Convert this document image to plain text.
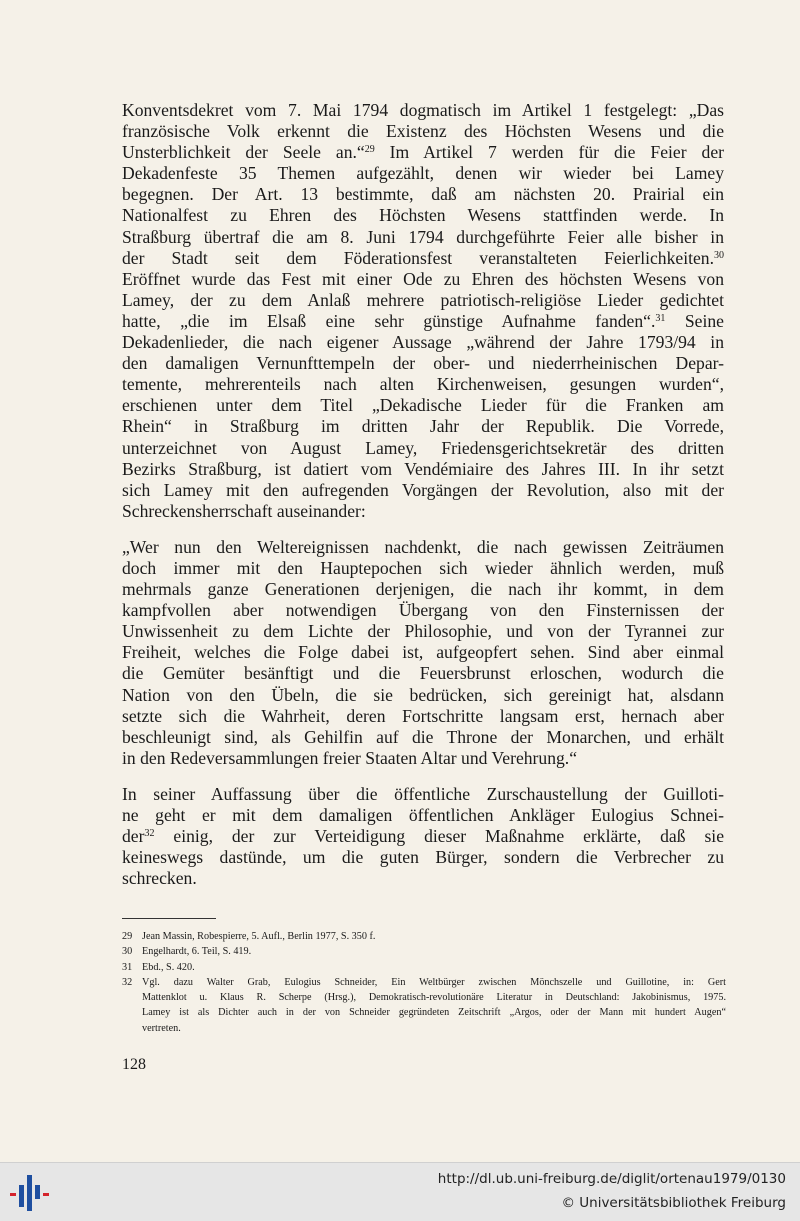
Konventsdekret vom 7. Mai 1794 dogmatisch im Artikel 1 festgelegt: „Das
französische Volk erkennt die Existenz des Höchsten Wesens und die
Unsterblichkeit der Seele an.“$^{29}$ Im Artikel 7 werden für die Feier der
Dekadenfeste 35 Themen aufgezählt, denen wir wieder bei Lamey
begegnen. Der Art. 13 bestimmte, daß am nächsten 20. Prairial ein
Nationalfest zu Ehren des Höchsten Wesens stattfinden werde. In
Straßburg übertraf die am 8. Juni 1794 durchgeführte Feier alle bisher in
der Stadt seit dem Föderationsfest veranstalteten Feierlichkeiten.$^{30}$
Eröffnet wurde das Fest mit einer Ode zu Ehren des höchsten Wesens von
Lamey, der zu dem Anlaß mehrere patriotisch-religiöse Lieder gedichtet
hatte, „die im Elsaß eine sehr günstige Aufnahme fanden“.$^{31}$ Seine
Dekadenlieder, die nach eigener Aussage „während der Jahre 1793/94 in
den damaligen Vernunfttempeln der ober- und niederrheinischen Depar-
temente, mehrerenteils nach alten Kirchenweisen, gesungen wurden“,
erschienen unter dem Titel „Dekadische Lieder für die Franken am
Rhein“ in Straßburg im dritten Jahr der Republik. Die Vorrede,
unterzeichnet von August Lamey, Friedensgerichtsekretär des dritten
Bezirks Straßburg, ist datiert vom Vendémiaire des Jahres III. In ihr setzt
sich Lamey mit den aufregenden Vorgängen der Revolution, also mit der
Schreckensherrschaft auseinander:

„Wer nun den Weltereignissen nachdenkt, die nach gewissen Zeiträumen
doch immer mit den Hauptepochen sich wieder ähnlich werden, muß
mehrmals ganze Generationen derjenigen, die nach ihr kommt, in dem
kampfvollen aber notwendigen Übergang von den Finsternissen der
Unwissenheit zu dem Lichte der Philosophie, und von der Tyrannei zur
Freiheit, welches die Folge dabei ist, aufgeopfert sehen. Sind aber einmal
die Gemüter besänftigt und die Feuersbrunst erloschen, wodurch die
Nation von den Übeln, die sie bedrücken, sich gereinigt hat, alsdann
setzte sich die Wahrheit, deren Fortschritte langsam erst, hernach aber
beschleunigt sind, als Gehilfin auf die Throne der Monarchen, und erhält
in den Redeversammlungen freier Staaten Altar und Verehrung.“

In seiner Auffassung über die öffentliche Zurschaustellung der Guilloti-
ne geht er mit dem damaligen öffentlichen Ankläger Eulogius Schnei-
der$^{32}$ einig, der zur Verteidigung dieser Maßnahme erklärte, daß sie
keineswegs dastünde, um die guten Bürger, sondern die Verbrecher zu
schrecken.

29 Jean Massin, Robespierre, 5. Aufl., Berlin 1977, S. 350 f.
30 Engelhardt, 6. Teil, S. 419.
31 Ebd., S. 420.
32 Vgl. dazu Walter Grab, Eulogius Schneider, Ein Weltbürger zwischen Mönchszelle und Guillotine, in: Gert
Mattenklot u. Klaus R. Scherpe (Hrsg.), Demokratisch-revolutionäre Literatur in Deutschland: Jakobinismus, 1975.
Lamey ist als Dichter auch in der von Schneider gegründeten Zeitschrift „Argos, oder der Mann mit hundert Augen“
vertreten.
128
http://dl.ub.uni-freiburg.de/diglit/ortenau1979/0130
© Universitätsbibliothek Freiburg
